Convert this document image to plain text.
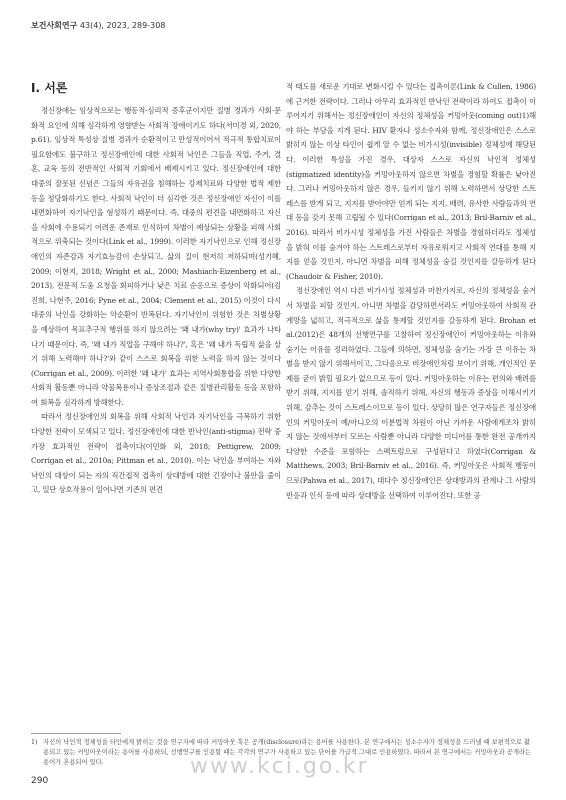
보건사회연구 43(4), 2023, 289-308
Ⅰ. 서론

정신장애는 임상적으로는 행동적·심리적 증후군이지만 질병 경과가 사회·문화적 요인에 의해 심각하게 영향받는 사회적 장애이기도 하다(서미경 외, 2020, p.61). 임상적 특성상 질병 경과가 순환적이고 만성적이어서 적극적 통합치료이 필요함에도 불구하고 정신장애인에 대한 사회적 낙인은 그들을 직업, 주거, 결혼, 교육 등의 전반적인 사회적 기회에서 배제시키고 있다. 정신장애인에 대한 대중의 잘못된 신념은 그들의 자유권을 침해하는 강제치료와 다양한 법적 제한 등을 정당화하기도 한다. 사회적 낙인이 더 심각한 것은 정신장애인 자신이 이를 내면화하여 자기낙인을 형성하기 때문이다. 즉, 대중의 편견을 내면화하고 자신을 사회에 수용되기 어려운 존재로 인식하여 차별이 예상되는 상황을 피해 사회적으로 위축되는 것이다(Link et al., 1999). 이러한 자기낙인으로 인해 정신장애인의 자존감과 자기효능감이 손상되고, 삶의 질이 현저히 저하되며(성기혜, 2009; 이현지, 2018; Wright et al., 2000; Mashiach-Eizenberg et al., 2013), 전문적 도움 요청을 회피하거나 낮은 치료 순응으로 증상이 악화되어(김진희, 나현주, 2016; Pyne et al., 2004; Clement et al., 2015) 이것이 다시 대중의 낙인을 강화하는 악순환이 반복된다. 자기낙인이 위험한 것은 차별상황을 예상하여 목표추구적 행위를 하지 않으려는 '왜 내가(why try)' 효과가 나타나기 때문이다. 즉, '왜 내가 직업을 구해야 하나?', 혹은 '왜 내가 독립적 삶을 살기 위해 노력해야 하나?'와 같이 스스로 회복을 위한 노력을 하지 않는 것이다(Corrigan et al., 2009). 이러한 '왜 내가' 효과는 지역사회통합을 위한 다양한 사회적 활동뿐 아니라 약물복용이나 증상조절과 같은 질병관리활동 등을 포함하여 회복을 심각하게 방해한다.

따라서 정신장애인의 회복을 위해 사회적 낙인과 자기낙인을 극복하기 위한 다양한 전략이 모색되고 있다. 정신장애인에 대한 반낙인(anti-stigma) 전략 중 가장 효과적인 전략이 접촉이다(이민화 외, 2018; Pettigrew, 2009; Corrigan et al., 2010a; Pittman et al., 2010). 이는 낙인을 부여하는 자와 낙인의 대상이 되는 자의 직간접적 접촉이 상대방에 대한 긴장이나 불안을 줄이고, 일단 상호작용이 일어나면 기존의 편견

적 태도를 새로운 기대로 변화시킬 수 있다는 접촉이론(Link & Cullen, 1986)에 근거한 전략이다. 그러나 아무리 효과적인 반낙인 전략이라 하여도 접촉이 이루어지기 위해서는 정신장애인이 자신의 정체성을 커밍아웃(coming out)1)해야 하는 부담을 지게 된다. HIV 환자나 성소수자와 함께, 정신장애인은 스스로 밝히지 않는 이상 타인이 쉽게 알 수 없는 비가시성(invisible) 정체성에 해당된다. 이러한 특성을 가진 경우, 대상자 스스로 자신의 낙인적 정체성(stigmatized identity)을 커밍아웃하지 않으면 차별을 경험할 확률은 낮아진다. 그러나 커밍아웃하지 않은 경우, 들키지 않기 위해 노력하면서 상당한 스트레스를 받게 되고, 지지를 받아야만 얻게 되는 지지, 배려, 유사한 사람들과의 연대 등을 갖지 못해 고립될 수 있다(Corrigan et al., 2013; Bril-Barniv et al., 2016). 따라서 비가시성 정체성을 가진 사람들은 차별을 경험하더라도 정체성을 밝혀 이를 숨겨야 하는 스트레스로부터 자유로워지고 사회적 연대를 통해 지지를 얻을 것인지, 아니면 차별을 피해 정체성을 숨길 것인지를 갈등하게 된다(Chaudoir & Fisher, 2010).

정신장애인 역시 다른 비가시성 정체성과 마찬가지로, 자신의 정체성을 숨겨서 차별을 피할 것인지, 아니면 차별을 감당하면서라도 커밍아웃하여 사회적 관계망을 넓히고, 적극적으로 삶을 통제할 것인지를 갈등하게 된다. Brohan et al.(2012)은 48개의 선행연구를 고찰하여 정신장애인이 커밍아웃하는 이유와 숨기는 이유를 정리하였다. 그들에 의하면, 정체성을 숨기는 가장 큰 이유는 차별을 받지 않기 위해서이고, 그다음으로 비장애인처럼 보이기 위해, 개인적인 문제를 굳이 밝힐 필요가 없으므로 등이 있다. 커밍아웃하는 이유는 편의와 배려를 받기 위해, 지지를 얻기 위해, 솔직하기 위해, 자신의 행동과 증상을 이해시키기 위해, 감추는 것이 스트레스이므로 등이 있다. 상당히 많은 연구자들은 정신장애인의 커밍아웃이 예/아니오의 이분법적 차원이 아닌 가까운 사람에게조차 밝히지 않는 것에서부터 모르는 사람뿐 아니라 다양한 미디어를 통한 완전 공개까지 다양한 수준을 포함하는 스펙트럼으로 구성된다고 하였다(Corrigan & Matthews, 2003; Bril-Barniv et al., 2016). 즉, 커밍아웃은 사회적 행동이므로(Pahwa et al., 2017), 대다수 정신장애인은 상대방과의 관계나 그 사람의 반응과 인식 등에 따라 상대방을 선택하여 이루어진다. 또한 공

1) 자신의 낙인적 정체성을 타인에게 밝히는 것을 연구자에 따라 커밍아웃 혹은 공개(disclosure)라는 용어를 사용한다. 본 연구에서는 성소수자가 정체성을 드러낼 때 보편적으로 활용되고 있는 커밍아웃이라는 용어를 사용하되, 선행연구를 인용할 때는 각각의 연구가 사용하고 있는 단어를 가급적 그대로 인용하였다. 따라서 본 연구에서는 커밍아웃과 공개라는 용어가 혼용되어 있다.	www.kci.go.kr
290
